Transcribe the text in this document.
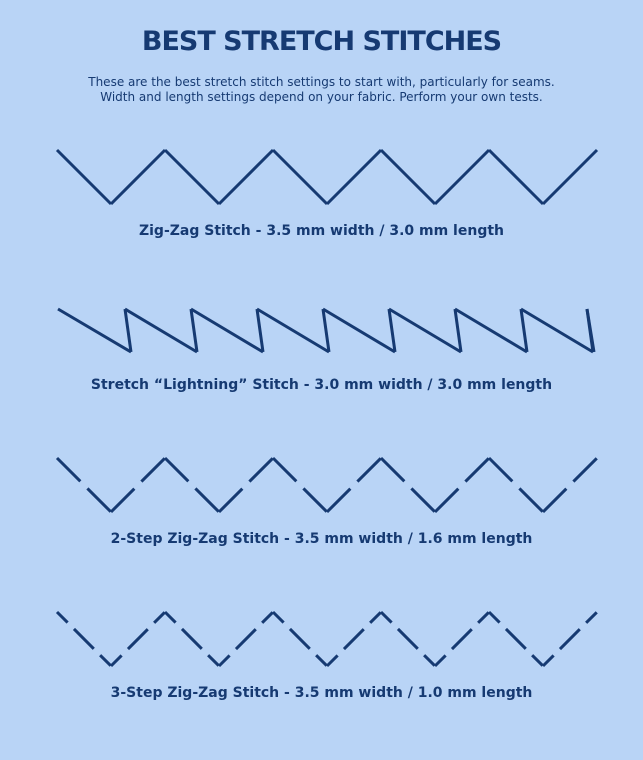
BEST STRETCH STITCHES
These are the best stretch stitch settings to start with, particularly for seams.
Width and length settings depend on your fabric. Perform your own tests.
Zig-Zag Stitch - 3.5 mm width / 3.0 mm length
Stretch “Lightning” Stitch - 3.0 mm width / 3.0 mm length
2-Step Zig-Zag Stitch - 3.5 mm width / 1.6 mm length
3-Step Zig-Zag Stitch - 3.5 mm width / 1.0 mm length
